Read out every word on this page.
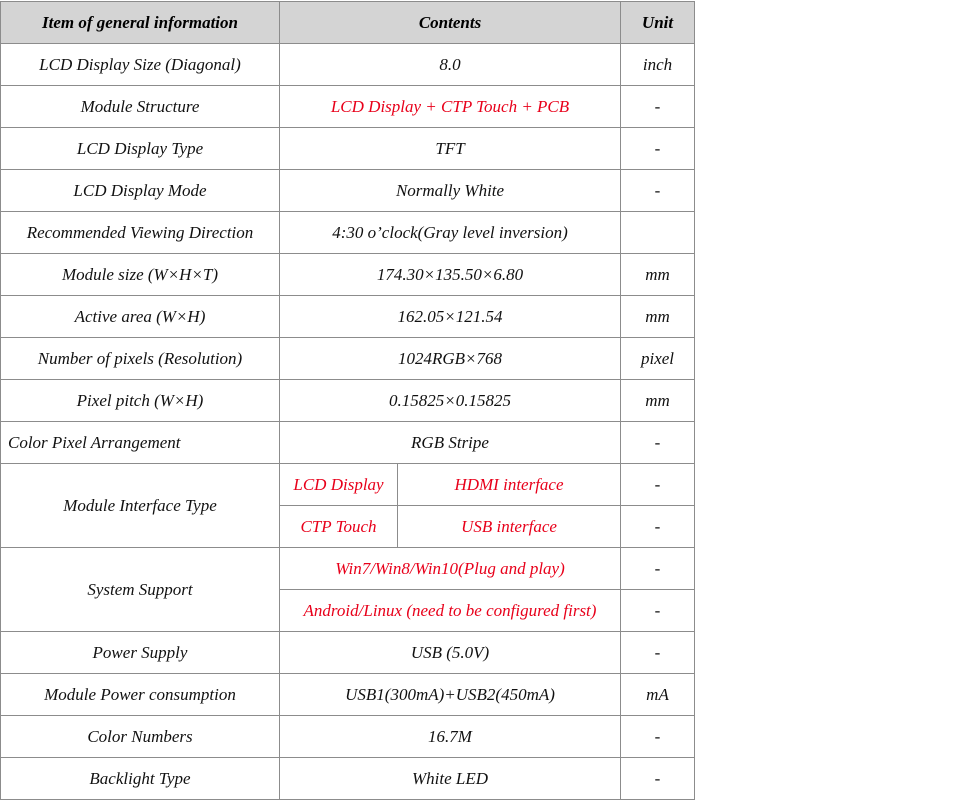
Item of general information	Contents		Unit
LCD Display Size (Diagonal)	8.0		inch
Module Structure	LCD Display + CTP Touch + PCB		-
LCD Display Type	TFT		-
LCD Display Mode	Normally White		-
Recommended Viewing Direction	4:30 o’clock(Gray level inversion)		
Module size (W×H×T)	174.30×135.50×6.80		mm
Active area (W×H)	162.05×121.54		mm
Number of pixels (Resolution)	1024RGB×768		pixel
Pixel pitch (W×H)	0.15825×0.15825		mm
Color Pixel Arrangement	RGB Stripe		-
Module Interface Type	LCD Display	HDMI interface	-
	CTP Touch	USB interface	-
System Support	Win7/Win8/Win10(Plug and play)		-
	Android/Linux (need to be configured first)		-
Power Supply	USB (5.0V)		-
Module Power consumption	USB1(300mA)+USB2(450mA)		mA
Color Numbers	16.7M		-
Backlight Type	White LED		-
